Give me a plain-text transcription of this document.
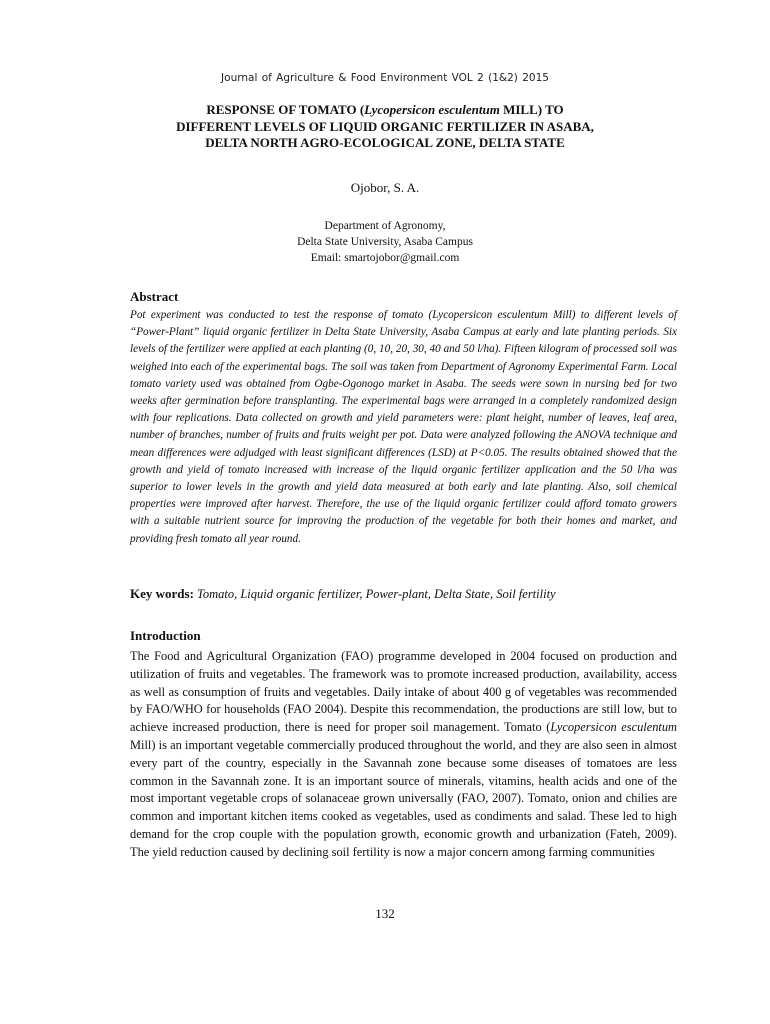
Journal of Agriculture & Food Environment VOL 2 (1&2) 2015
RESPONSE OF TOMATO (Lycopersicon esculentum MILL) TO DIFFERENT LEVELS OF LIQUID ORGANIC FERTILIZER IN ASABA, DELTA NORTH AGRO-ECOLOGICAL ZONE, DELTA STATE
Ojobor, S. A.
Department of Agronomy,
Delta State University, Asaba Campus
Email: smartojobor@gmail.com
Abstract

Pot experiment was conducted to test the response of tomato (Lycopersicon esculentum Mill) to different levels of “Power-Plant” liquid organic fertilizer in Delta State University, Asaba Campus at early and late planting periods. Six levels of the fertilizer were applied at each planting (0, 10, 20, 30, 40 and 50 l/ha). Fifteen kilogram of processed soil was weighed into each of the experimental bags. The soil was taken from Department of Agronomy Experimental Farm. Local tomato variety used was obtained from Ogbe-Ogonogo market in Asaba. The seeds were sown in nursing bed for two weeks after germination before transplanting. The experimental bags were arranged in a completely randomized design with four replications. Data collected on growth and yield parameters were: plant height, number of leaves, leaf area, number of branches, number of fruits and fruits weight per pot. Data were analyzed following the ANOVA technique and mean differences were adjudged with least significant differences (LSD) at P<0.05. The results obtained showed that the growth and yield of tomato increased with increase of the liquid organic fertilizer application and the 50 l/ha was superior to lower levels in the growth and yield data measured at both early and late planting. Also, soil chemical properties were improved after harvest. Therefore, the use of the liquid organic fertilizer could afford tomato growers with a suitable nutrient source for improving the production of the vegetable for both their homes and market, and providing fresh tomato all year round.

Key words: Tomato, Liquid organic fertilizer, Power-plant, Delta State, Soil fertility
Introduction

The Food and Agricultural Organization (FAO) programme developed in 2004 focused on production and utilization of fruits and vegetables. The framework was to promote increased production, availability, access as well as consumption of fruits and vegetables. Daily intake of about 400 g of vegetables was recommended by FAO/WHO for households (FAO 2004). Despite this recommendation, the productions are still low, but to achieve increased production, there is need for proper soil management. Tomato (Lycopersicon esculentum Mill) is an important vegetable commercially produced throughout the world, and they are also seen in almost every part of the country, especially in the Savannah zone because some diseases of tomatoes are less common in the Savannah zone. It is an important source of minerals, vitamins, health acids and one of the most important vegetable crops of solanaceae grown universally (FAO, 2007). Tomato, onion and chilies are common and important kitchen items cooked as vegetables, used as condiments and salad. These led to high demand for the crop couple with the population growth, economic growth and urbanization (Fateh, 2009). The yield reduction caused by declining soil fertility is now a major concern among farming communities

132
